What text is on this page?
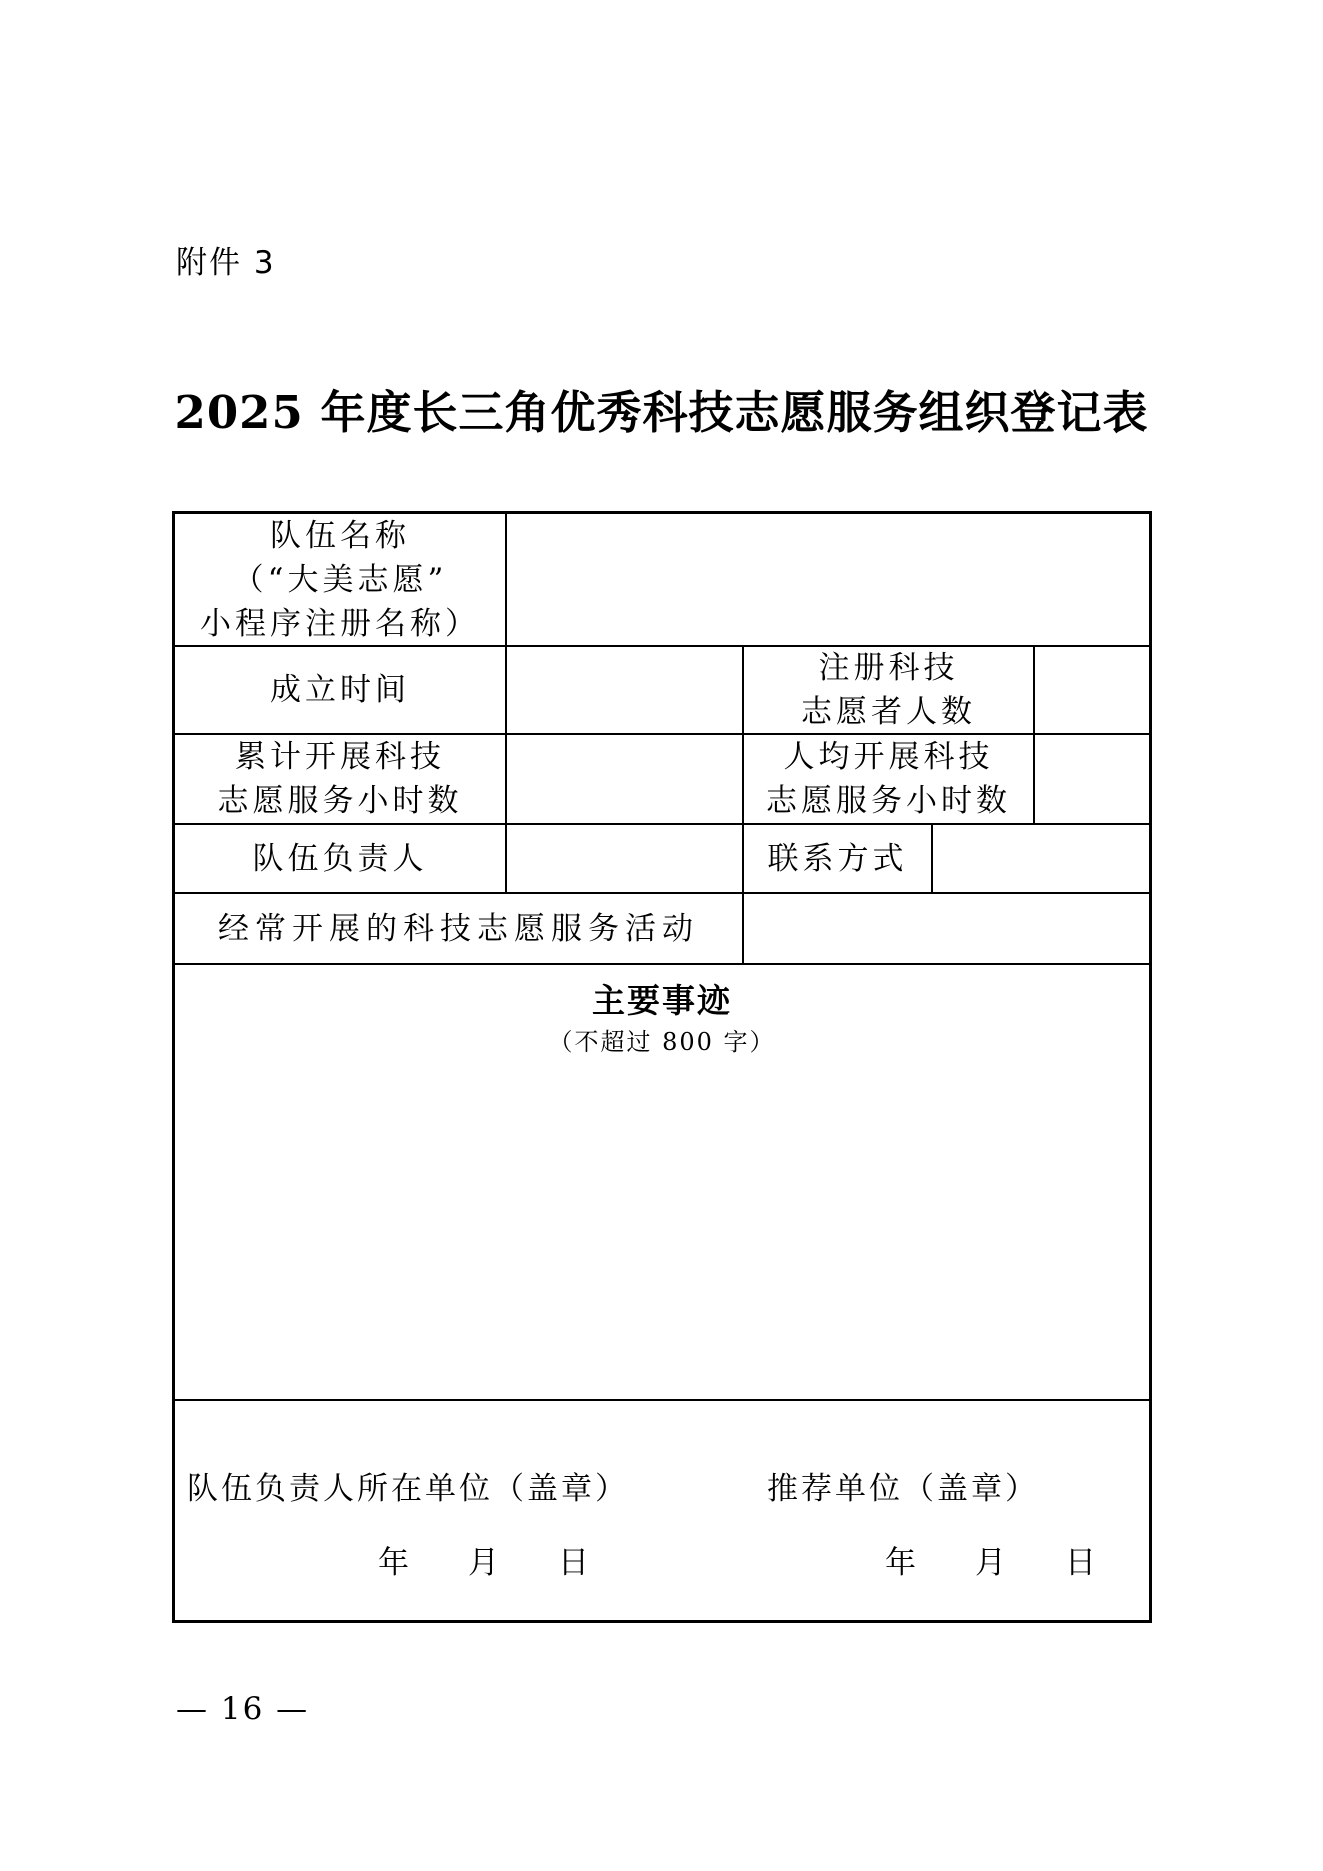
附件 3
2025 年度长三角优秀科技志愿服务组织登记表
队伍名称
（“大美志愿”
小程序注册名称）
成立时间
注册科技
志愿者人数
累计开展科技
志愿服务小时数
人均开展科技
志愿服务小时数
队伍负责人	联系方式
经常开展的科技志愿服务活动
主要事迹
（不超过 800 字）
队伍负责人所在单位（盖章）
年　月　日
推荐单位（盖章）
年　月　日
— 16 —
